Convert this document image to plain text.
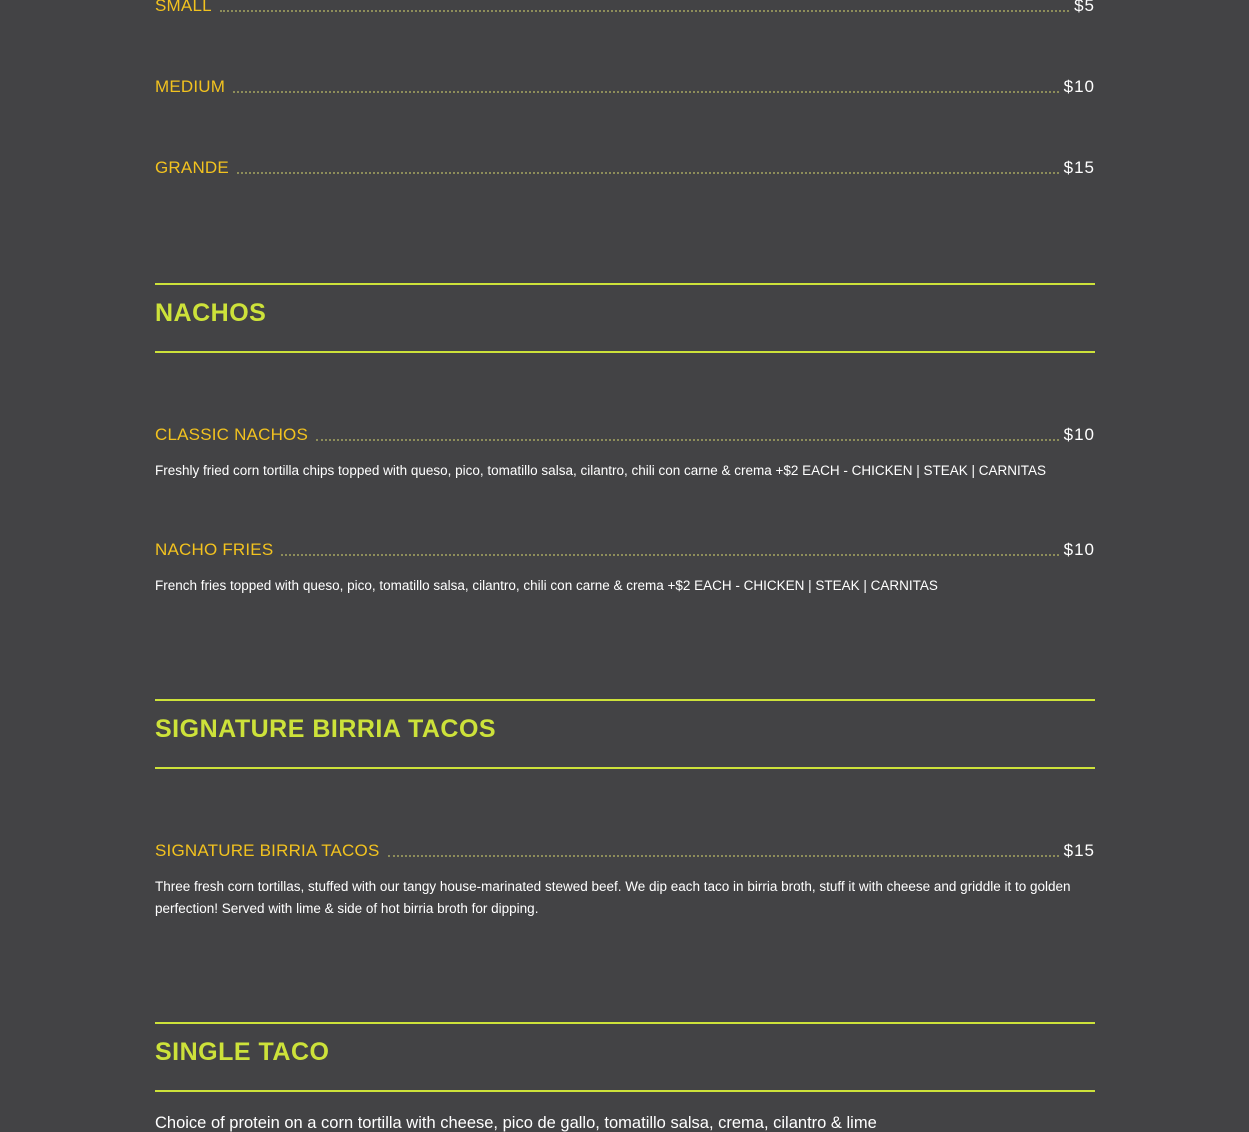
SMALL	$5
MEDIUM	$10
GRANDE	$15
NACHOS
CLASSIC NACHOS	$10
Freshly fried corn tortilla chips topped with queso, pico, tomatillo salsa, cilantro, chili con carne & crema +$2 EACH - CHICKEN | STEAK | CARNITAS
NACHO FRIES	$10
French fries topped with queso, pico, tomatillo salsa, cilantro, chili con carne & crema +$2 EACH - CHICKEN | STEAK | CARNITAS
SIGNATURE BIRRIA TACOS
SIGNATURE BIRRIA TACOS	$15
Three fresh corn tortillas, stuffed with our tangy house-marinated stewed beef. We dip each taco in birria broth, stuff it with cheese and griddle it to golden perfection! Served with lime & side of hot birria broth for dipping.
SINGLE TACO
Choice of protein on a corn tortilla with cheese, pico de gallo, tomatillo salsa, crema, cilantro & lime
